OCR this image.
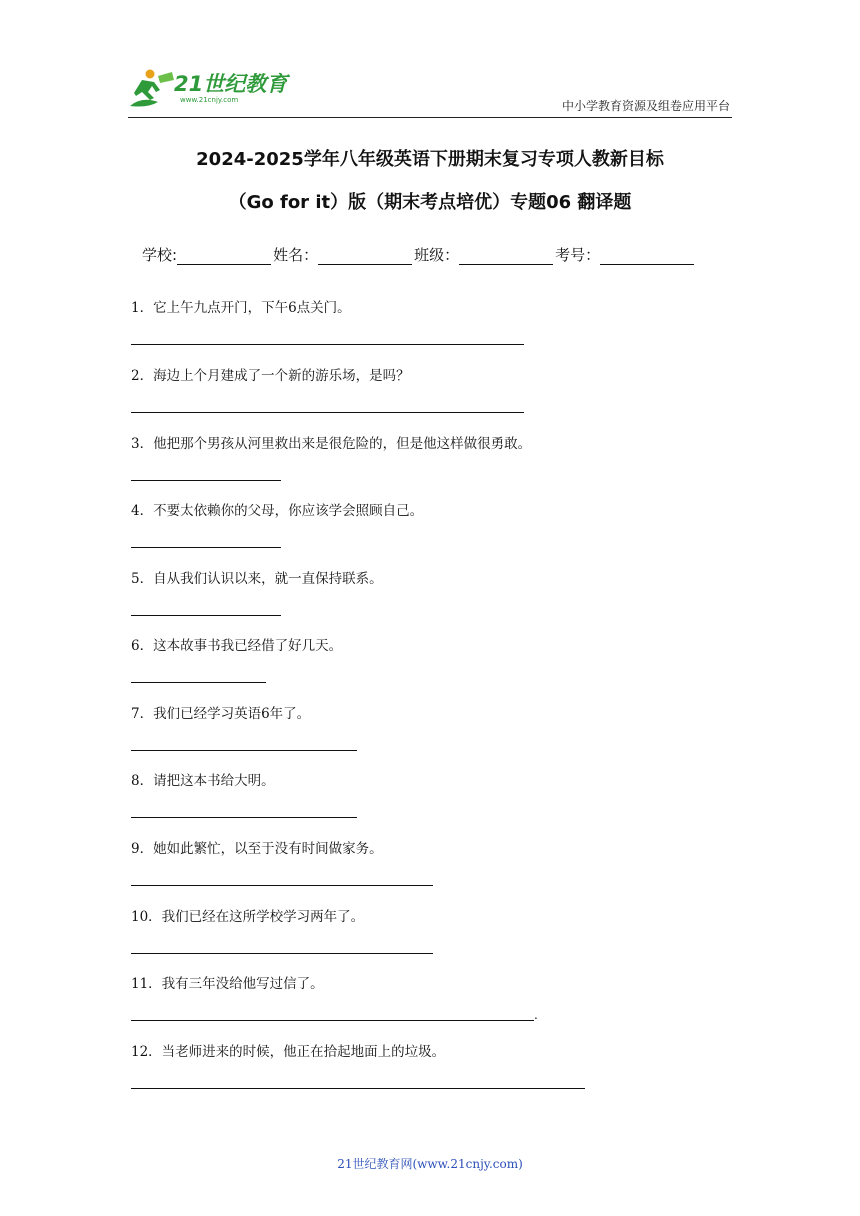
21世纪教育
www.21cnjy.com	中小学教育资源及组卷应用平台
2024-2025学年八年级英语下册期末复习专项人教新目标
（Go for it）版（期末考点培优）专题06 翻译题
学校:	姓名：	班级：	考号：
1．它上午九点开门，下午6点关门。
2．海边上个月建成了一个新的游乐场，是吗？
3．他把那个男孩从河里救出来是很危险的，但是他这样做很勇敢。
4．不要太依赖你的父母，你应该学会照顾自己。
5．自从我们认识以来，就一直保持联系。
6．这本故事书我已经借了好几天。
7．我们已经学习英语6年了。
8．请把这本书给大明。
9．她如此繁忙，以至于没有时间做家务。
10．我们已经在这所学校学习两年了。
11．我有三年没给他写过信了。
.
12．当老师进来的时候，他正在拾起地面上的垃圾。
21世纪教育网(www.21cnjy.com)
